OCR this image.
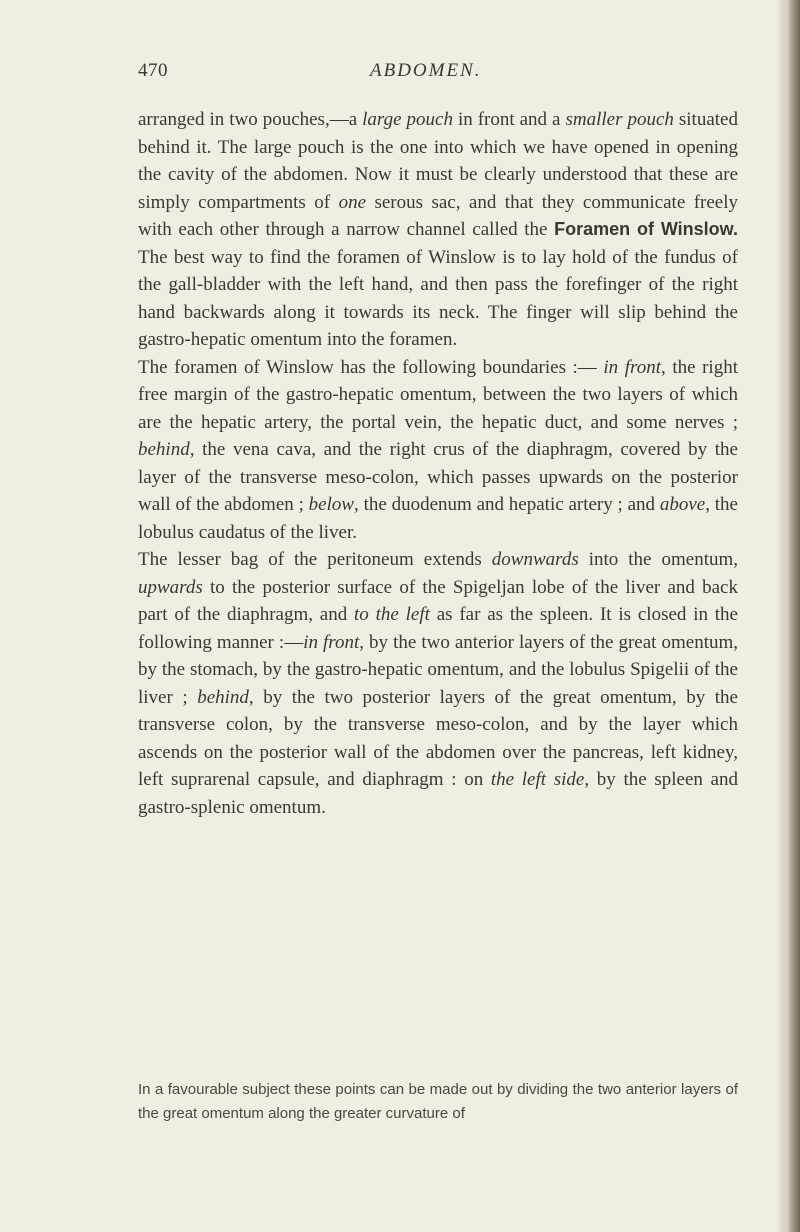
470	ABDOMEN.

arranged in two pouches,—a large pouch in front and a smaller pouch situated behind it. The large pouch is the one into which we have opened in opening the cavity of the abdomen. Now it must be clearly understood that these are simply compartments of one serous sac, and that they communicate freely with each other through a narrow channel called the Foramen of Winslow. The best way to find the foramen of Winslow is to lay hold of the fundus of the gall-bladder with the left hand, and then pass the forefinger of the right hand backwards along it towards its neck. The finger will slip behind the gastro-hepatic omentum into the foramen.

The foramen of Winslow has the following boundaries :— in front, the right free margin of the gastro-hepatic omentum, between the two layers of which are the hepatic artery, the portal vein, the hepatic duct, and some nerves ; behind, the vena cava, and the right crus of the diaphragm, covered by the layer of the transverse meso-colon, which passes upwards on the posterior wall of the abdomen ; below, the duodenum and hepatic artery ; and above, the lobulus caudatus of the liver.

The lesser bag of the peritoneum extends downwards into the omentum, upwards to the posterior surface of the Spigeljan lobe of the liver and back part of the diaphragm, and to the left as far as the spleen. It is closed in the following manner :—in front, by the two anterior layers of the great omentum, by the stomach, by the gastro-hepatic omentum, and the lobulus Spigelii of the liver ; behind, by the two posterior layers of the great omentum, by the transverse colon, by the transverse meso-colon, and by the layer which ascends on the posterior wall of the abdomen over the pancreas, left kidney, left suprarenal capsule, and diaphragm : on the left side, by the spleen and gastro-splenic omentum.

In a favourable subject these points can be made out by dividing the two anterior layers of the great omentum along the greater curvature of
